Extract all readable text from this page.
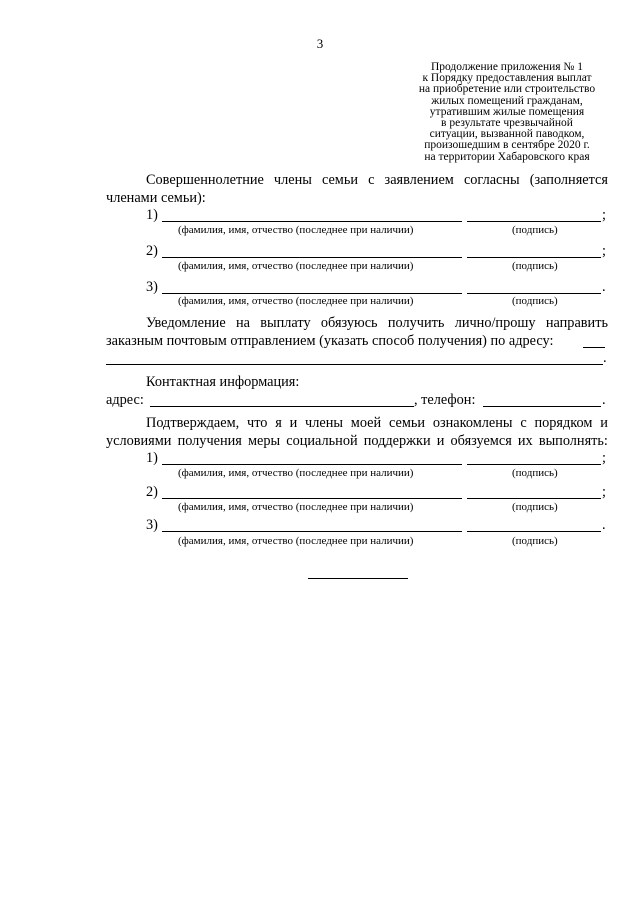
3
Продолжение приложения № 1
к Порядку предоставления выплат
на приобретение или строительство
жилых помещений гражданам,
утратившим жилые помещения
в результате чрезвычайной
ситуации, вызванной паводком,
произошедшим в сентябре 2020 г.
на территории Хабаровского края
Совершеннолетние члены семьи с заявлением согласны (заполняется
членами семьи):
1)	;
(фамилия, имя, отчество (последнее при наличии)	(подпись)
2)	;
(фамилия, имя, отчество (последнее при наличии)	(подпись)
3)	.
(фамилия, имя, отчество (последнее при наличии)	(подпись)
Уведомление на выплату обязуюсь получить лично/прошу направить
заказным почтовым отправлением (указать способ получения) по адресу:
.
Контактная информация:
адрес:	, телефон:	.
Подтверждаем, что я и члены моей семьи ознакомлены с порядком и
условиями получения меры социальной поддержки и обязуемся их выполнять:
1)	;
(фамилия, имя, отчество (последнее при наличии)	(подпись)
2)	;
(фамилия, имя, отчество (последнее при наличии)	(подпись)
3)	.
(фамилия, имя, отчество (последнее при наличии)	(подпись)
